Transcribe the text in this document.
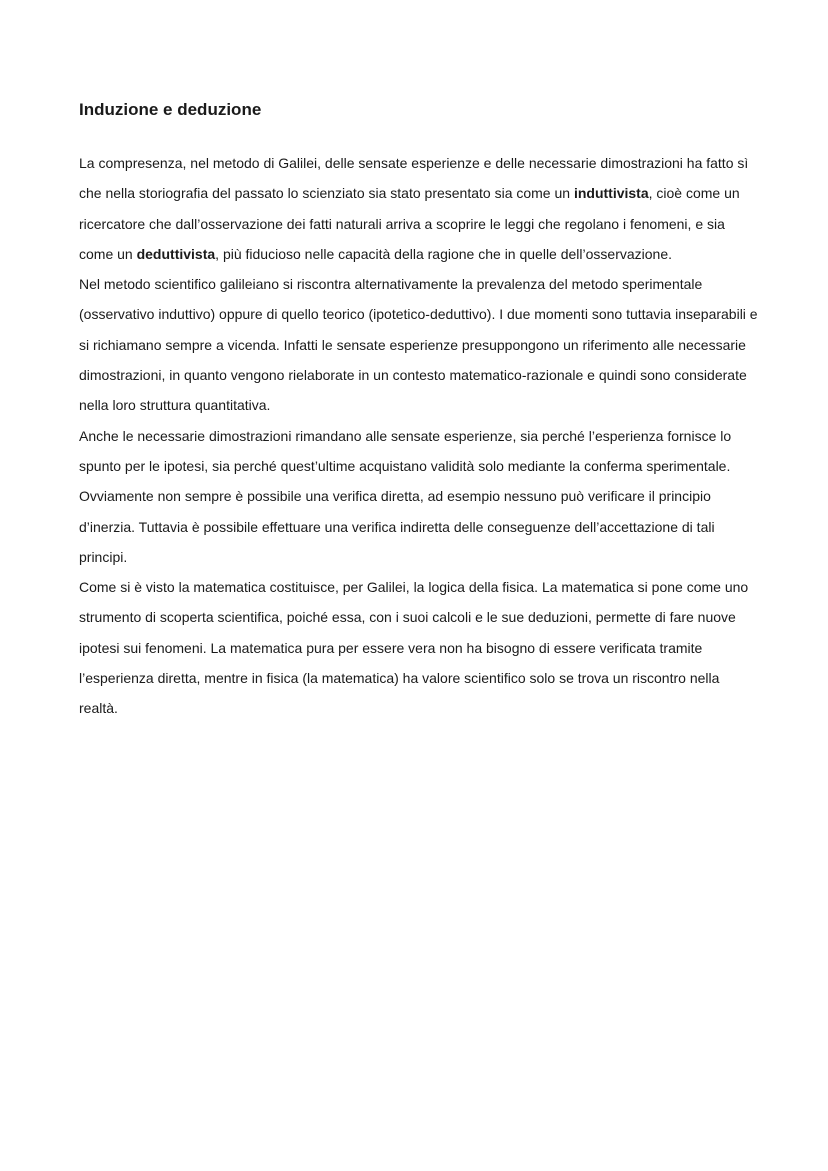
Induzione e deduzione

La compresenza, nel metodo di Galilei, delle sensate esperienze e delle necessarie dimostrazioni ha fatto sì che nella storiografia del passato lo scienziato sia stato presentato sia come un induttivista, cioè come un ricercatore che dall’osservazione dei fatti naturali arriva a scoprire le leggi che regolano i fenomeni, e sia come un deduttivista, più fiducioso nelle capacità della ragione che in quelle dell’osservazione.

Nel metodo scientifico galileiano si riscontra alternativamente la prevalenza del metodo sperimentale (osservativo induttivo) oppure di quello teorico (ipotetico-deduttivo). I due momenti sono tuttavia inseparabili e si richiamano sempre a vicenda. Infatti le sensate esperienze presuppongono un riferimento alle necessarie dimostrazioni, in quanto vengono rielaborate in un contesto matematico-razionale e quindi sono considerate nella loro struttura quantitativa.

Anche le necessarie dimostrazioni rimandano alle sensate esperienze, sia perché l’esperienza fornisce lo spunto per le ipotesi, sia perché quest’ultime acquistano validità solo mediante la conferma sperimentale.

Ovviamente non sempre è possibile una verifica diretta, ad esempio nessuno può verificare il principio d’inerzia. Tuttavia è possibile effettuare una verifica indiretta delle conseguenze dell’accettazione di tali principi.

Come si è visto la matematica costituisce, per Galilei, la logica della fisica. La matematica si pone come uno strumento di scoperta scientifica, poiché essa, con i suoi calcoli e le sue deduzioni, permette di fare nuove ipotesi sui fenomeni. La matematica pura per essere vera non ha bisogno di essere verificata tramite l’esperienza diretta, mentre in fisica (la matematica) ha valore scientifico solo se trova un riscontro nella realtà.
